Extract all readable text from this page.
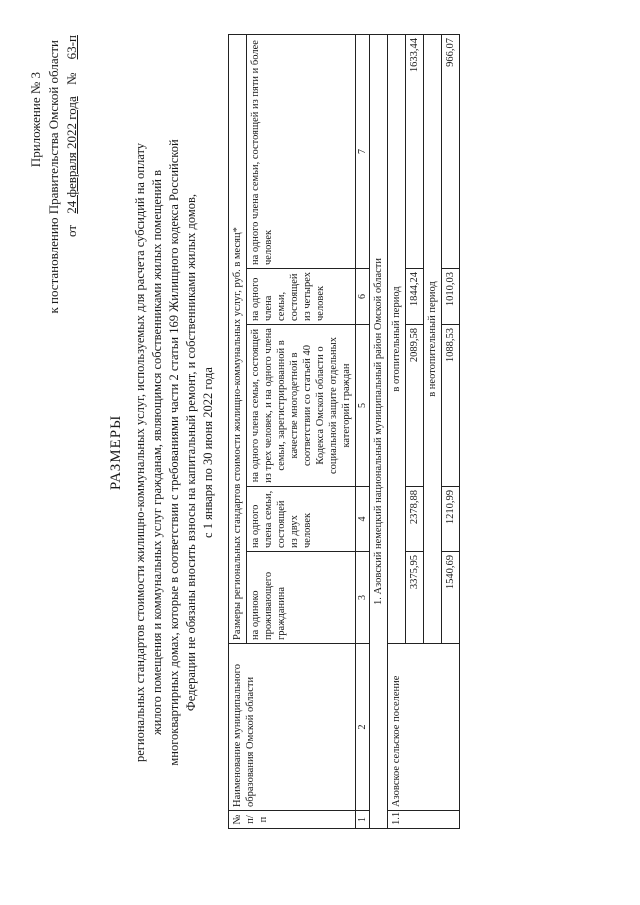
Приложение № 3 к постановлению Правительства Омской области от 24 февраля 2022 года № 63-п
РАЗМЕРЫ региональных стандартов стоимости жилищно-коммунальных услуг, используемых для расчета субсидий на оплату жилого помещения и коммунальных услуг гражданам, являющимся собственниками жилых помещений в многоквартирных домах, которые в соответствии с требованиями части 2 статьи 169 Жилищного кодекса Российской Федерации не обязаны вносить взносы на капитальный ремонт, и собственниками жилых домов, с 1 января по 30 июня 2022 года
№ п/п	Наименование муниципального образования Омской области	Размеры региональных стандартов стоимости жилищно-коммунальных услуг, руб. в месяц*				
		на одиноко проживающего гражданина	на одного члена семьи, состоящей из двух человек	на одного члена семьи, состоящей из трех человек, и на одного члена семьи, зарегистрированной в качестве многодетной в соответствии со статьей 40 Кодекса Омской области о социальной защите отдельных категорий граждан	на одного члена семьи, состоящей из четырех человек	на одного члена семьи, состоящей из пяти и более человек
1	2	3	4	5	6	7
1. Азовский немецкий национальный муниципальный район Омской области						
1.1	Азовское сельское поселение	в отопительный период				
		3375,95	2378,88	2089,58	1844,24	1633,44
		в неотопительный период				
		1540,69	1210,99	1088,53	1010,03	966,07
